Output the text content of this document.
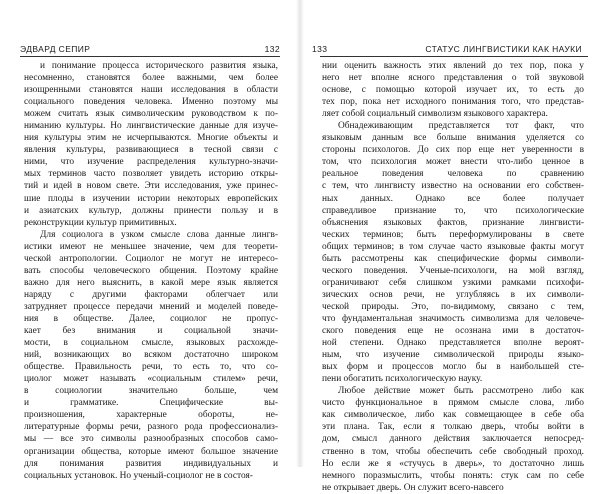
ЭДВАРД СЕПИР	132
и понимание процесса исторического развития языка,
несомненно, становятся более важными, чем более
изощренными становятся наши исследования в области
социального поведения человека. Именно поэтому мы
можем считать язык символическим руководством к по-
ниманию культуры. Но лингвистические данные для изуче-
ния культуры этим не исчерпываются. Многие объекты и
явления культуры, развивающиеся в тесной связи с
ними, что изучение распределения культурно-значи-
мых терминов часто позволяет увидеть историю откры-
тий и идей в новом свете. Эти исследования, уже принес-
шие плоды в изучении истории некоторых европейских
и азиатских культур, должны принести пользу и в
реконструкции культур примитивных.
Для социолога в узком смысле слова данные лингв-
истики имеют не меньшее значение, чем для теорети-
ческой антропологии. Социолог не могут не интересо-
вать способы человеческого общения. Поэтому крайне
важно для него выяснить, в какой мере язык является
наряду с другими факторами облегчает или
затрудняет процессе передачи мнений и моделей поведе-
ния в обществе. Далее, социолог не пропус-
кает без внимания и социальной значи-
мости, в социальном смысле, языковых расхожде-
ний, возникающих во всяком достаточно широком
обществе. Правильность речи, то есть то, что со-
циолог может называть «социальным стилем» речи,
в социологии значительно больше, чем
и грамматике. Специфические вы-
произношения, характерные обороты, не-
литературные формы речи, разного рода профессионализ-
мы — все это символы разнообразных способов само-
организации общества, которые имеют большое значение
для понимания развития индивидуальных и
социальных установок. Но ученый-социолог не в состоя-
133	СТАТУС ЛИНГВИСТИКИ КАК НАУКИ
нии оценить важность этих явлений до тех пор, пока у
него нет вполне ясного представления о той звуковой
основе, с помощью которой изучает их, то есть до
тех пор, пока нет исходного понимания того, что представ-
ляет собой социальный символизм языкового характера.
Обнадеживающим представляется тот факт, что
языковым данным все больше внимания уделяется со
стороны психологов. До сих пор еще нет уверенности в
том, что психология может внести что-либо ценное в
реальное поведения человека по сравнению
с тем, что лингвисту известно на основании его собствен-
ных данных. Однако все более получает
справедливое признание то, что психологические
объяснения языковых фактов, признание лингвисти-
ческих терминов; быть переформулированы в свете
общих терминов; в том случае часто языковые факты могут
быть рассмотрены как специфические формы символи-
ческого поведения. Ученые-психологи, на мой взгляд,
ограничивают себя слишком узкими рамками психофи-
зических основ речи, не углубляясь в их символи-
ческой природы. Это, по-видимому, связано с тем,
что фундаментальная значимость символизма для человече-
ского поведения еще не осознана ими в достаточ-
ной степени. Однако представляется вполне вероят-
ным, что изучение символической природы языко-
вых форм и процессов могло бы в наибольшей сте-
пени обогатить психологическую науку.
Любое действие может быть рассмотрено либо как
чисто функциональное в прямом смысле слова, либо
как символическое, либо как совмещающее в себе оба
эти плана. Так, если я толкаю дверь, чтобы войти в
дом, смысл данного действия заключается непосред-
ственно в том, чтобы обеспечить себе свободный проход.
Но если же я «стучусь в дверь», то достаточно лишь
немного поразмыслить, чтобы понять: стук сам по себе
не открывает дверь. Он служит всего-навсего
